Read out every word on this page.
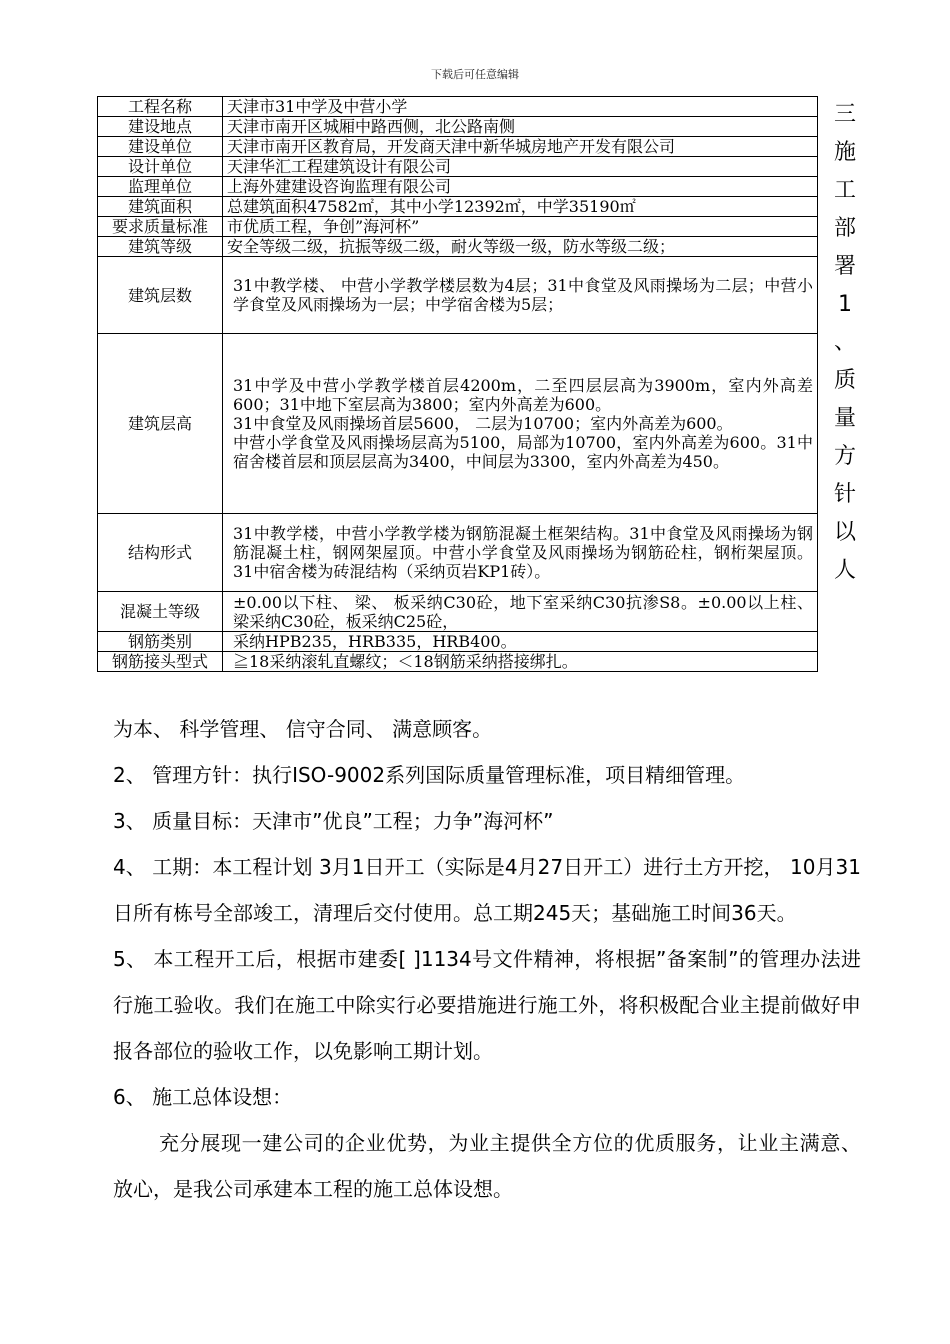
下载后可任意编辑
工程名称	天津市31中学及中营小学
建设地点	天津市南开区城厢中路西侧，北公路南侧
建设单位	天津市南开区教育局，开发商天津中新华城房地产开发有限公司
设计单位	天津华汇工程建筑设计有限公司
监理单位	上海外建建设咨询监理有限公司
建筑面积	总建筑面积47582㎡，其中小学12392㎡，中学35190㎡
要求质量标准	市优质工程，争创”海河杯”
建筑等级	安全等级二级，抗振等级二级，耐火等级一级，防水等级二级；
建筑层数	31中教学楼、 中营小学教学楼层数为4层；31中食堂及风雨操场为二层；中营小学食堂及风雨操场为一层；中学宿舍楼为5层；
建筑层高	31中学及中营小学教学楼首层4200m，二至四层层高为3900m，室内外高差600；31中地下室层高为3800；室内外高差为600。
31中食堂及风雨操场首层5600， 二层为10700；室内外高差为600。
中营小学食堂及风雨操场层高为5100，局部为10700，室内外高差为600。31中宿舍楼首层和顶层层高为3400，中间层为3300，室内外高差为450。
结构形式	31中教学楼，中营小学教学楼为钢筋混凝土框架结构。31中食堂及风雨操场为钢筋混凝土柱，钢网架屋顶。中营小学食堂及风雨操场为钢筋砼柱，钢桁架屋顶。31中宿舍楼为砖混结构（采纳页岩KP1砖）。
混凝土等级	±0.00以下柱、 梁、 板采纳C30砼，地下室采纳C30抗渗S8。±0.00以上柱、 梁采纳C30砼，板采纳C25砼，
钢筋类别	采纳HPB235，HRB335，HRB400。
钢筋接头型式	≧18采纳滚轧直螺纹；＜18钢筋采纳搭接绑扎。
三
施
工
部
署
1
、
质
量
方
针
以
人

为本、 科学管理、 信守合同、 满意顾客。

2、 管理方针：执行ISO-9002系列国际质量管理标准，项目精细管理。

3、 质量目标：天津市”优良”工程；力争”海河杯”

4、 工期：本工程计划 3月1日开工（实际是4月27日开工）进行土方开挖， 10月31日所有栋号全部竣工，清理后交付使用。总工期245天；基础施工时间36天。

5、 本工程开工后，根据市建委[ ]1134号文件精神，将根据”备案制”的管理办法进行施工验收。我们在施工中除实行必要措施进行施工外，将积极配合业主提前做好申报各部位的验收工作，以免影响工期计划。

6、 施工总体设想：

充分展现一建公司的企业优势，为业主提供全方位的优质服务，让业主满意、 放心，是我公司承建本工程的施工总体设想。
